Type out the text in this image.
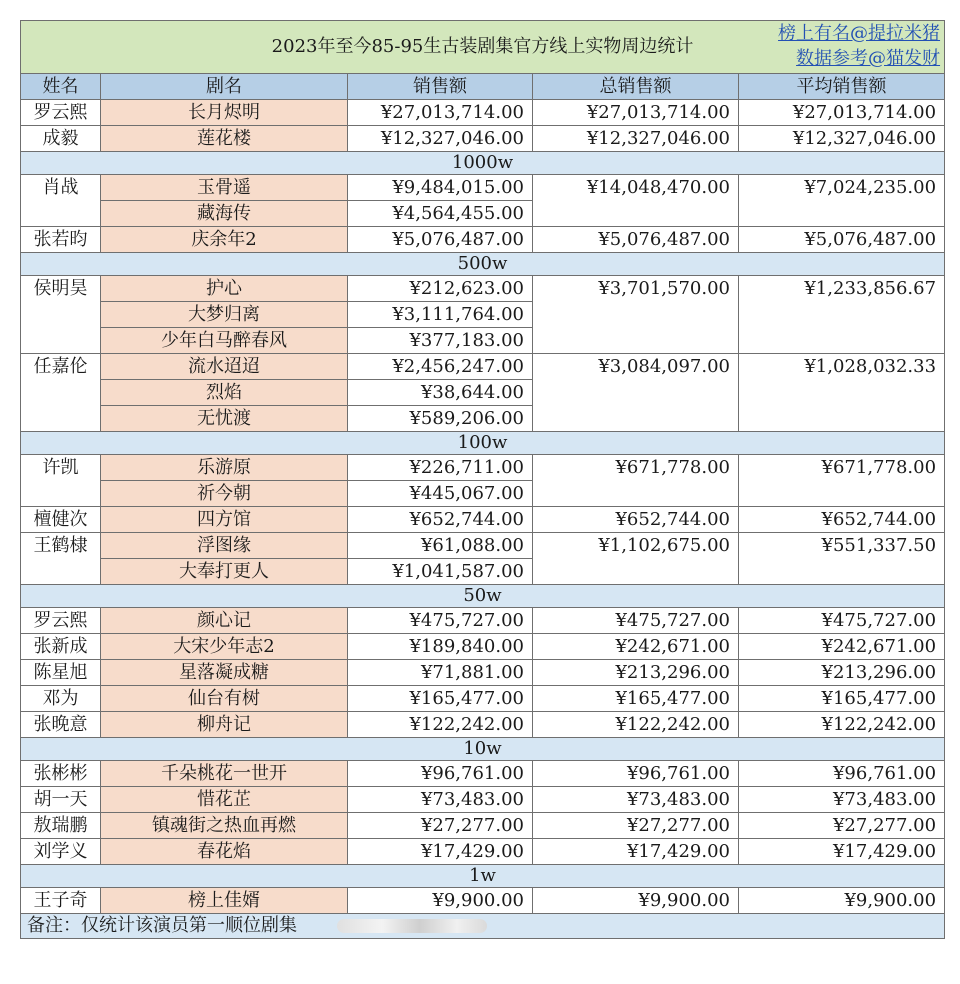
2023年至今85-95生古装剧集官方线上实物周边统计
榜上有名@提拉米猪
数据参考@猫发财				

姓名	剧名	销售额	总销售额	平均销售额
罗云熙	长月烬明	¥27,013,714.00	¥27,013,714.00	¥27,013,714.00
成毅	莲花楼	¥12,327,046.00	¥12,327,046.00	¥12,327,046.00
1000w				
肖战	玉骨遥	¥9,484,015.00	¥14,048,470.00	¥7,024,235.00
	藏海传	¥4,564,455.00		
张若昀	庆余年2	¥5,076,487.00	¥5,076,487.00	¥5,076,487.00
500w				
侯明昊	护心	¥212,623.00	¥3,701,570.00	¥1,233,856.67
	大梦归离	¥3,111,764.00		
	少年白马醉春风	¥377,183.00		
任嘉伦	流水迢迢	¥2,456,247.00	¥3,084,097.00	¥1,028,032.33
	烈焰	¥38,644.00		
	无忧渡	¥589,206.00		
100w				
许凯	乐游原	¥226,711.00	¥671,778.00	¥671,778.00
	祈今朝	¥445,067.00		
檀健次	四方馆	¥652,744.00	¥652,744.00	¥652,744.00
王鹤棣	浮图缘	¥61,088.00	¥1,102,675.00	¥551,337.50
	大奉打更人	¥1,041,587.00		
50w				
罗云熙	颜心记	¥475,727.00	¥475,727.00	¥475,727.00
张新成	大宋少年志2	¥189,840.00	¥242,671.00	¥242,671.00
陈星旭	星落凝成糖	¥71,881.00	¥213,296.00	¥213,296.00
邓为	仙台有树	¥165,477.00	¥165,477.00	¥165,477.00
张晚意	柳舟记	¥122,242.00	¥122,242.00	¥122,242.00
10w				
张彬彬	千朵桃花一世开	¥96,761.00	¥96,761.00	¥96,761.00
胡一天	惜花芷	¥73,483.00	¥73,483.00	¥73,483.00
敖瑞鹏	镇魂街之热血再燃	¥27,277.00	¥27,277.00	¥27,277.00
刘学义	春花焰	¥17,429.00	¥17,429.00	¥17,429.00
1w				
王子奇	榜上佳婿	¥9,900.00	¥9,900.00	¥9,900.00
备注：仅统计该演员第一顺位剧集				
